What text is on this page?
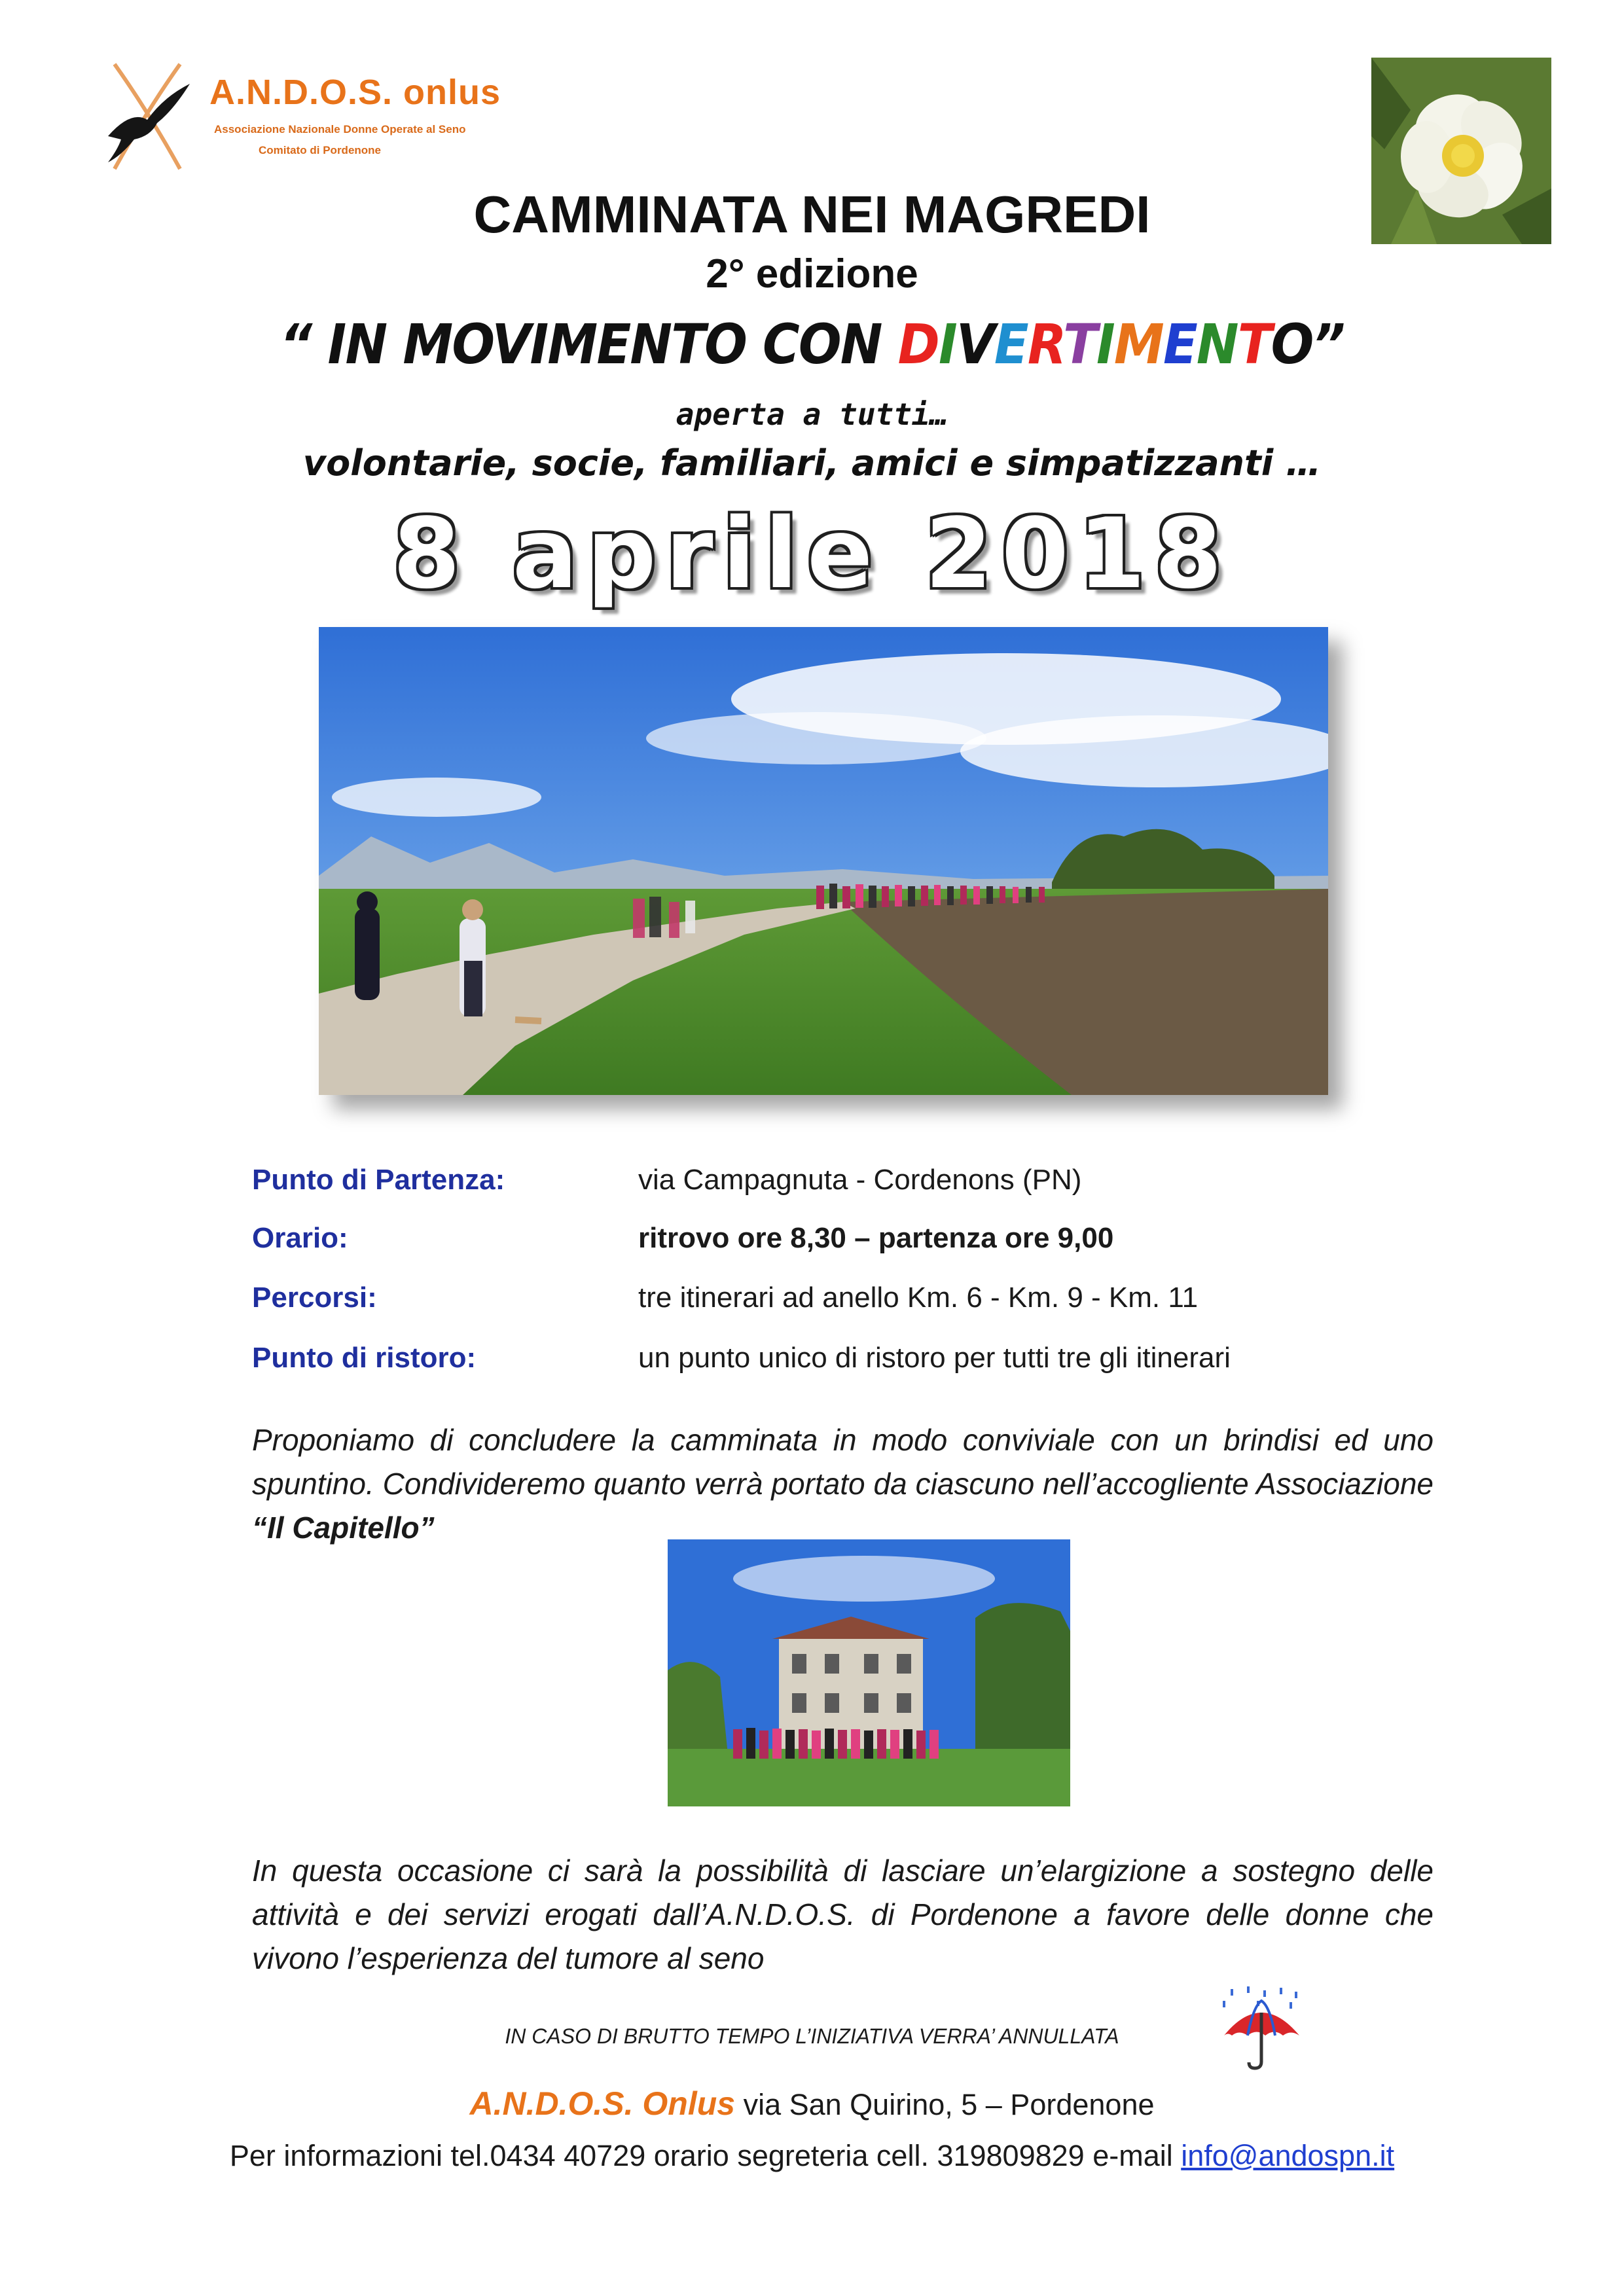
A.N.D.O.S. onlus
Associazione Nazionale Donne Operate al Seno
Comitato di Pordenone
CAMMINATA NEI MAGREDI
2° edizione
“ IN MOVIMENTO CON DIVERTIMENTO”
aperta a tutti…
volontarie, socie, familiari, amici e simpatizzanti …
8 aprile 2018
Punto di Partenza:	via Campagnuta - Cordenons (PN)
Orario:	ritrovo ore 8,30 – partenza ore 9,00
Percorsi:	tre itinerari ad anello Km. 6 - Km. 9 - Km. 11
Punto di ristoro:	un punto unico di ristoro per tutti tre gli itinerari
Proponiamo di concludere la camminata in modo conviviale con un brindisi ed uno spuntino. Condivideremo quanto verrà portato da ciascuno nell’accogliente Associazione “Il Capitello”
In questa occasione ci sarà la possibilità di lasciare un’elargizione a sostegno delle attività e dei servizi erogati dall’A.N.D.O.S. di Pordenone a favore delle donne che vivono l’esperienza del tumore al seno
IN CASO DI BRUTTO TEMPO L’INIZIATIVA VERRA’ ANNULLATA
A.N.D.O.S. Onlus via San Quirino, 5 – Pordenone
Per informazioni tel.0434 40729 orario segreteria cell. 319809829 e-mail info@andospn.it
